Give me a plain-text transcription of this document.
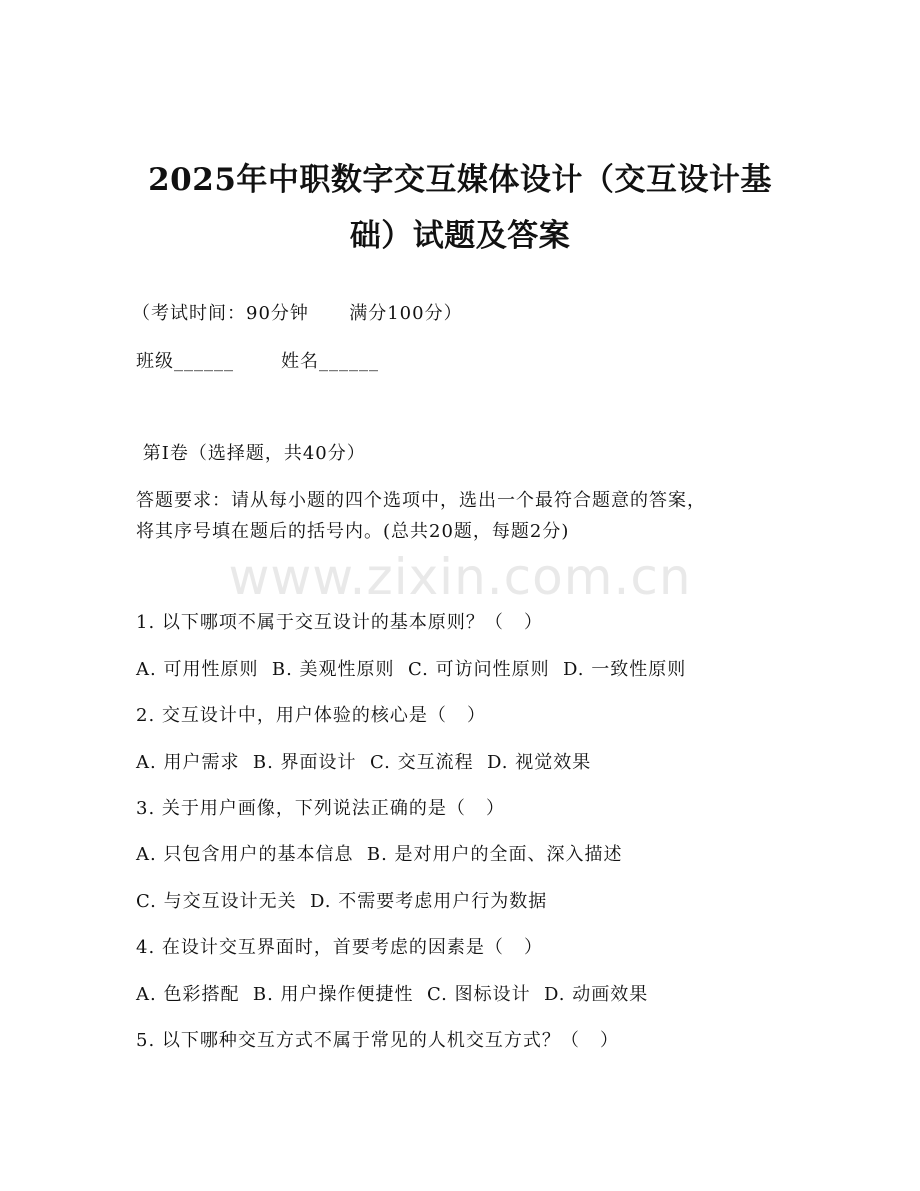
2025年中职数字交互媒体设计（交互设计基
础）试题及答案
（考试时间：90分钟      满分100分）
班级______       姓名______
第Ⅰ卷（选择题，共40分）
答题要求：请从每小题的四个选项中，选出一个最符合题意的答案，
将其序号填在题后的括号内。(总共20题，每题2分)
www.zixin.com.cn
1. 以下哪项不属于交互设计的基本原则？（   ）
A. 可用性原则  B. 美观性原则  C. 可访问性原则  D. 一致性原则
2. 交互设计中，用户体验的核心是（   ）
A. 用户需求  B. 界面设计  C. 交互流程  D. 视觉效果
3. 关于用户画像，下列说法正确的是（   ）
A. 只包含用户的基本信息  B. 是对用户的全面、深入描述
C. 与交互设计无关  D. 不需要考虑用户行为数据
4. 在设计交互界面时，首要考虑的因素是（   ）
A. 色彩搭配  B. 用户操作便捷性  C. 图标设计  D. 动画效果
5. 以下哪种交互方式不属于常见的人机交互方式？（   ）
